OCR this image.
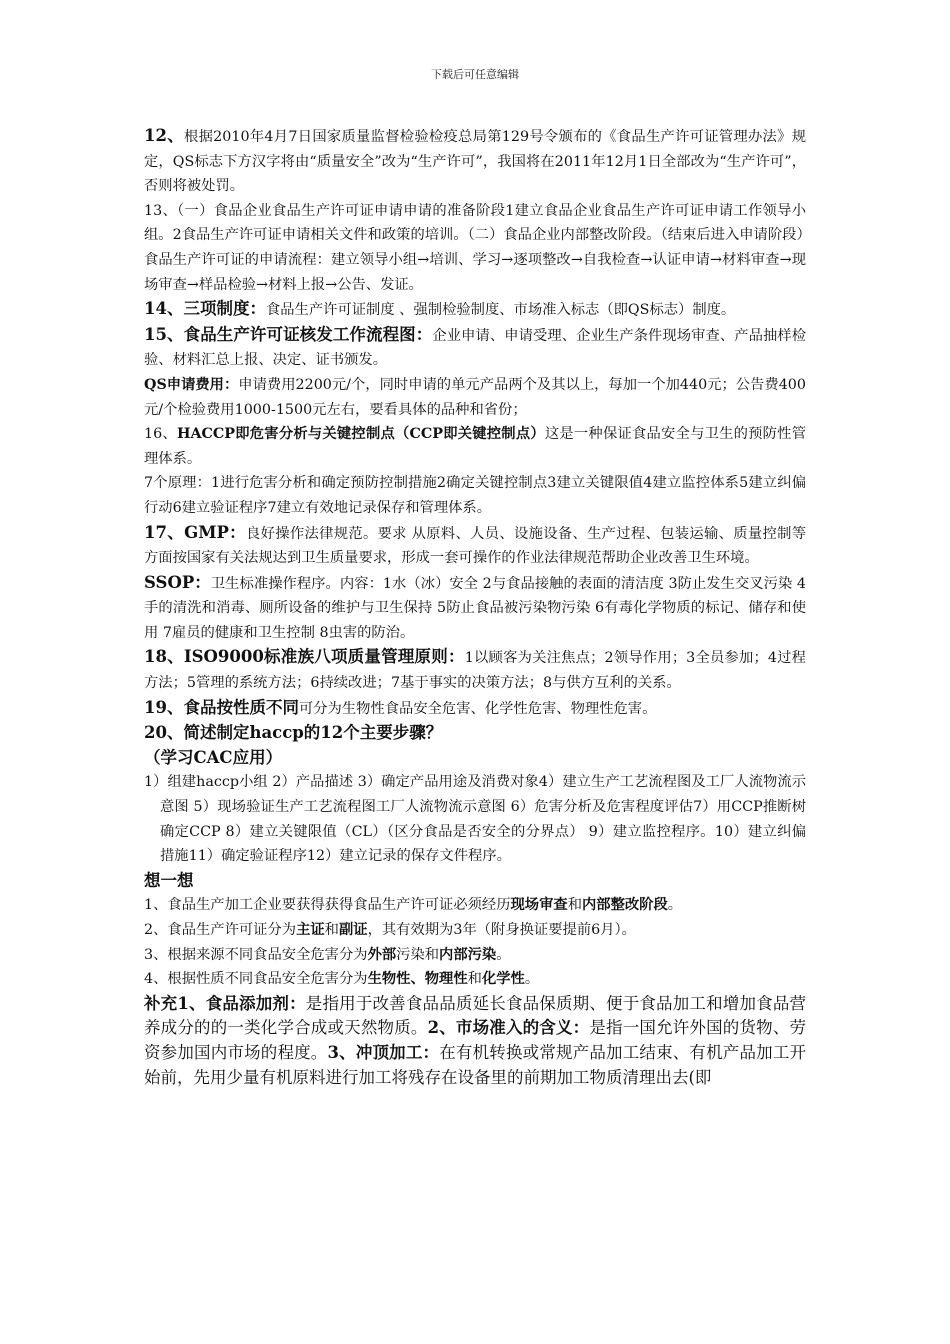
下载后可任意编辑

12、根据2010年4月7日国家质量监督检验检疫总局第129号令颁布的《食品生产许可证管理办法》规定，QS标志下方汉字将由“质量安全”改为“生产许可”，我国将在2011年12月1日全部改为“生产许可”，否则将被处罚。

13、（一）食品企业食品生产许可证申请申请的准备阶段1建立食品企业食品生产许可证申请工作领导小组。2食品生产许可证申请相关文件和政策的培训。（二）食品企业内部整改阶段。（结束后进入申请阶段）

食品生产许可证的申请流程：建立领导小组→培训、学习→逐项整改→自我检查→认证申请→材料审查→现场审查→样品检验→材料上报→公告、发证。

14、三项制度：食品生产许可证制度 、强制检验制度、市场准入标志（即QS标志）制度。

15、食品生产许可证核发工作流程图：企业申请、申请受理、企业生产条件现场审查、产品抽样检验、材料汇总上报、决定、证书颁发。

QS申请费用：申请费用2200元/个，同时申请的单元产品两个及其以上，每加一个加440元；公告费400元/个检验费用1000-1500元左右，要看具体的品种和省份；

16、HACCP即危害分析与关键控制点（CCP即关键控制点）这是一种保证食品安全与卫生的预防性管理体系。

7个原理：1进行危害分析和确定预防控制措施2确定关键控制点3建立关键限值4建立监控体系5建立纠偏行动6建立验证程序7建立有效地记录保存和管理体系。

17、GMP：良好操作法律规范。要求 从原料、人员、设施设备、生产过程、包装运输、质量控制等方面按国家有关法规达到卫生质量要求，形成一套可操作的作业法律规范帮助企业改善卫生环境。

SSOP：卫生标准操作程序。内容：1水（冰）安全 2与食品接触的表面的清洁度 3防止发生交叉污染 4手的清洗和消毒、厕所设备的维护与卫生保持 5防止食品被污染物污染 6有毒化学物质的标记、储存和使用 7雇员的健康和卫生控制 8虫害的防治。

18、ISO9000标准族八项质量管理原则：1以顾客为关注焦点；2领导作用；3全员参加；4过程方法；5管理的系统方法；6持续改进；7基于事实的决策方法；8与供方互利的关系。

19、食品按性质不同可分为生物性食品安全危害、化学性危害、物理性危害。

20、简述制定haccp的12个主要步骤？

（学习CAC应用）

1）组建haccp小组 2）产品描述 3）确定产品用途及消费对象4）建立生产工艺流程图及工厂人流物流示意图 5）现场验证生产工艺流程图工厂人流物流示意图 6）危害分析及危害程度评估7）用CCP推断树确定CCP 8）建立关键限值（CL）（区分食品是否安全的分界点） 9）建立监控程序。10）建立纠偏措施11）确定验证程序12）建立记录的保存文件程序。

想一想

1、食品生产加工企业要获得获得食品生产许可证必须经历现场审查和内部整改阶段。

2、食品生产许可证分为主证和副证，其有效期为3年（附身换证要提前6月）。

3、根据来源不同食品安全危害分为外部污染和内部污染。

4、根据性质不同食品安全危害分为生物性、物理性和化学性。

补充1、食品添加剂：是指用于改善食品品质延长食品保质期、便于食品加工和增加食品营养成分的的一类化学合成或天然物质。2、市场准入的含义：是指一国允许外国的货物、劳资参加国内市场的程度。3、冲顶加工：在有机转换或常规产品加工结束、有机产品加工开始前，先用少量有机原料进行加工将残存在设备里的前期加工物质清理出去(即
